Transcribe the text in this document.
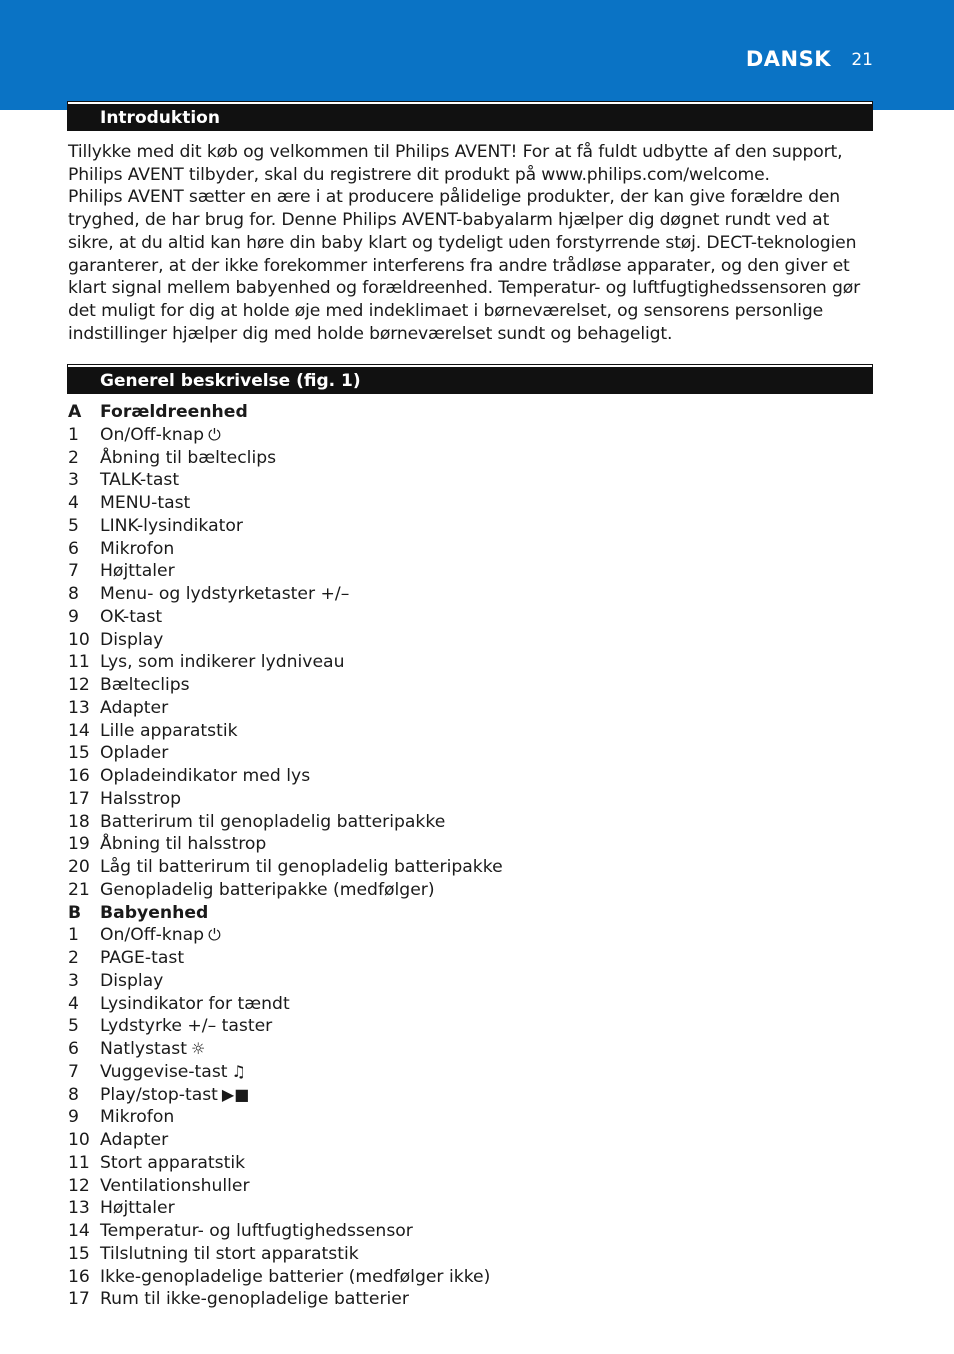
DANSK 21
Introduktion

Tillykke med dit køb og velkommen til Philips AVENT! For at få fuldt udbytte af den support, Philips AVENT tilbyder, skal du registrere dit produkt på www.philips.com/welcome.

Philips AVENT sætter en ære i at producere pålidelige produkter, der kan give forældre den tryghed, de har brug for. Denne Philips AVENT-babyalarm hjælper dig døgnet rundt ved at sikre, at du altid kan høre din baby klart og tydeligt uden forstyrrende støj. DECT-teknologien garanterer, at der ikke forekommer interferens fra andre trådløse apparater, og den giver et klart signal mellem babyenhed og forældreenhed. Temperatur- og luftfugtighedssensoren gør det muligt for dig at holde øje med indeklimaet i børneværelset, og sensorens personlige indstillinger hjælper dig med holde børneværelset sundt og behageligt.

Generel beskrivelse (fig. 1)
A Forældreenhed
1 On/Off-knap ⏻
2 Åbning til bælteclips
3 TALK-tast
4 MENU-tast
5 LINK-lysindikator
6 Mikrofon
7 Højttaler
8 Menu- og lydstyrketaster +/–
9 OK-tast
10 Display
11 Lys, som indikerer lydniveau
12 Bælteclips
13 Adapter
14 Lille apparatstik
15 Oplader
16 Opladeindikator med lys
17 Halsstrop
18 Batterirum til genopladelig batteripakke
19 Åbning til halsstrop
20 Låg til batterirum til genopladelig batteripakke
21 Genopladelig batteripakke (medfølger)
B Babyenhed
1 On/Off-knap ⏻
2 PAGE-tast
3 Display
4 Lysindikator for tændt
5 Lydstyrke +/– taster
6 Natlystast ☼
7 Vuggevise-tast ♫
8 Play/stop-tast ▶■
9 Mikrofon
10 Adapter
11 Stort apparatstik
12 Ventilationshuller
13 Højttaler
14 Temperatur- og luftfugtighedssensor
15 Tilslutning til stort apparatstik
16 Ikke-genopladelige batterier (medfølger ikke)
17 Rum til ikke-genopladelige batterier
